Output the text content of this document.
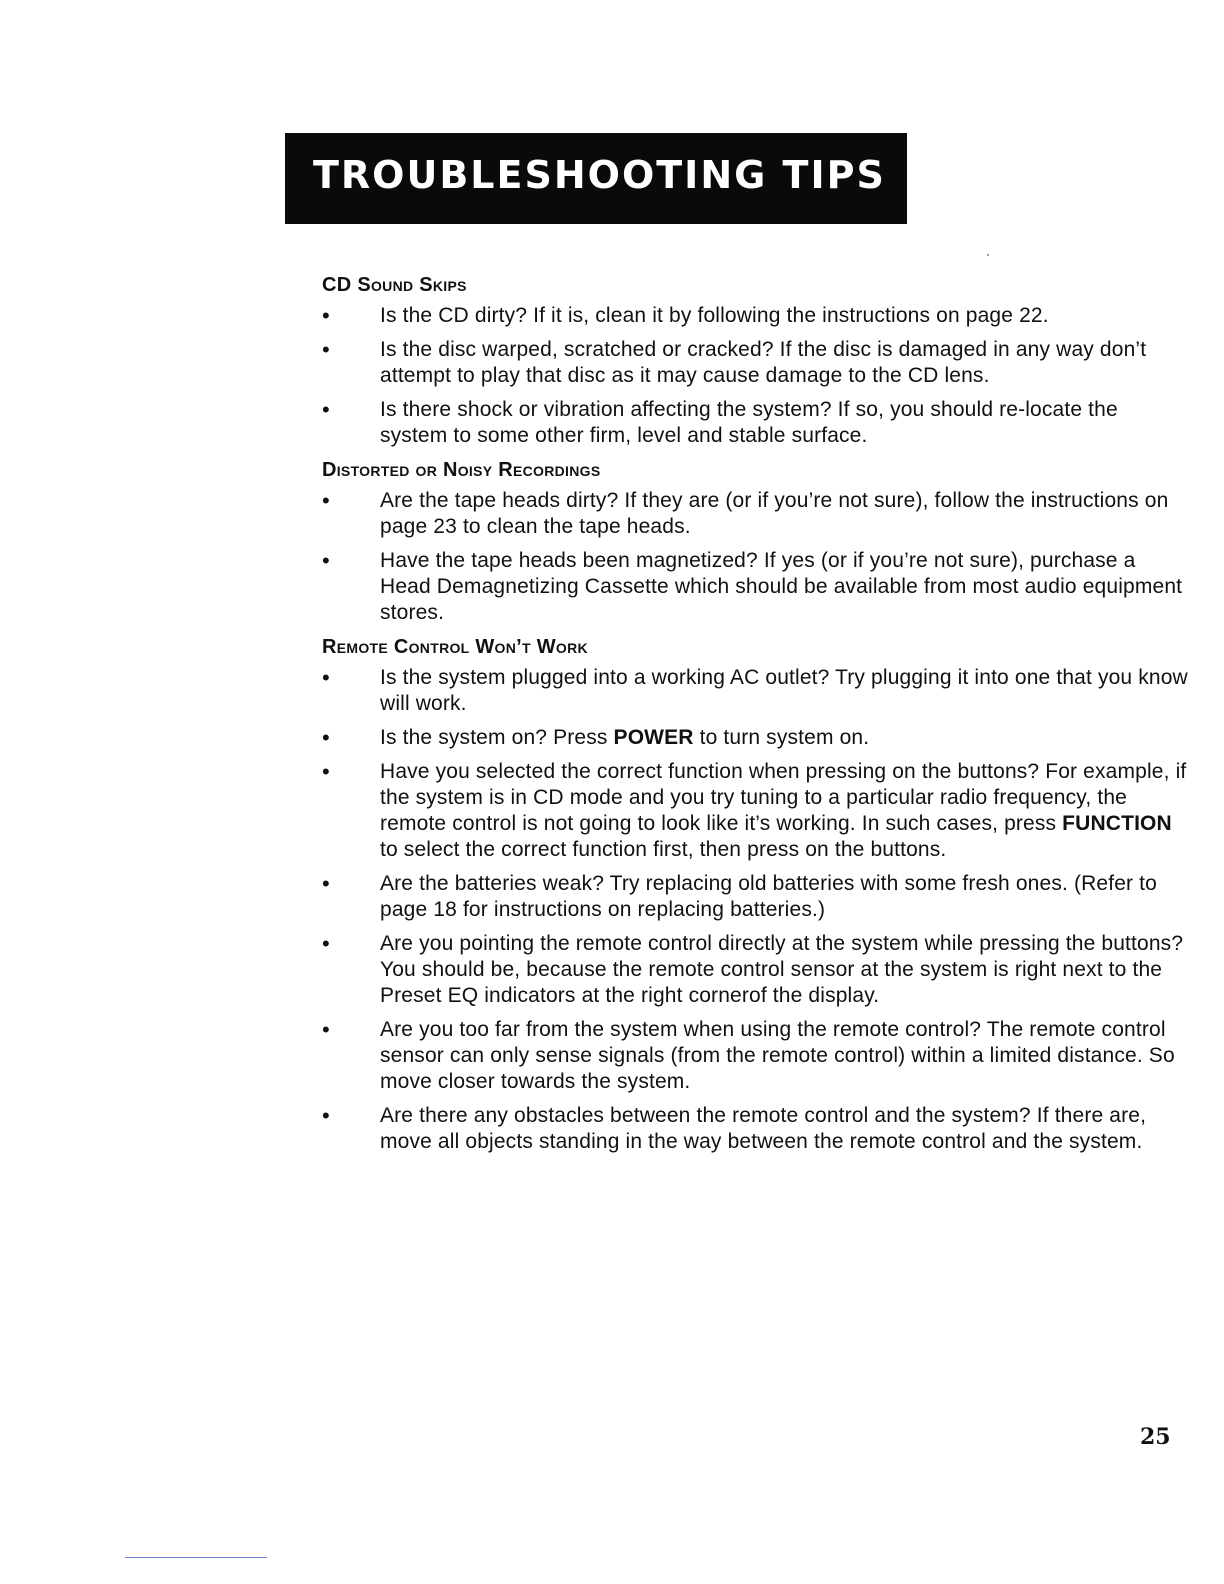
TROUBLESHOOTING TIPS
CD Sound Skips
• Is the CD dirty? If it is, clean it by following the instructions on page 22.
• Is the disc warped, scratched or cracked? If the disc is damaged in any way don’t attempt to play that disc as it may cause damage to the CD lens.
• Is there shock or vibration affecting the system? If so, you should re-locate the system to some other firm, level and stable surface.
Distorted or Noisy Recordings
• Are the tape heads dirty? If they are (or if you’re not sure), follow the instructions on page 23 to clean the tape heads.
• Have the tape heads been magnetized? If yes (or if you’re not sure), purchase a Head Demagnetizing Cassette which should be available from most audio equipment stores.
Remote Control Won’t Work
• Is the system plugged into a working AC outlet? Try plugging it into one that you know will work.
• Is the system on? Press POWER to turn system on.
• Have you selected the correct function when pressing on the buttons? For example, if the system is in CD mode and you try tuning to a particular radio frequency, the remote control is not going to look like it’s working. In such cases, press FUNCTION to select the correct function first, then press on the buttons.
• Are the batteries weak? Try replacing old batteries with some fresh ones. (Refer to page 18 for instructions on replacing batteries.)
• Are you pointing the remote control directly at the system while pressing the buttons? You should be, because the remote control sensor at the system is right next to the Preset EQ indicators at the right cornerof the display.
• Are you too far from the system when using the remote control? The remote control sensor can only sense signals (from the remote control) within a limited distance. So move closer towards the system.
• Are there any obstacles between the remote control and the system? If there are, move all objects standing in the way between the remote control and the system.
25
